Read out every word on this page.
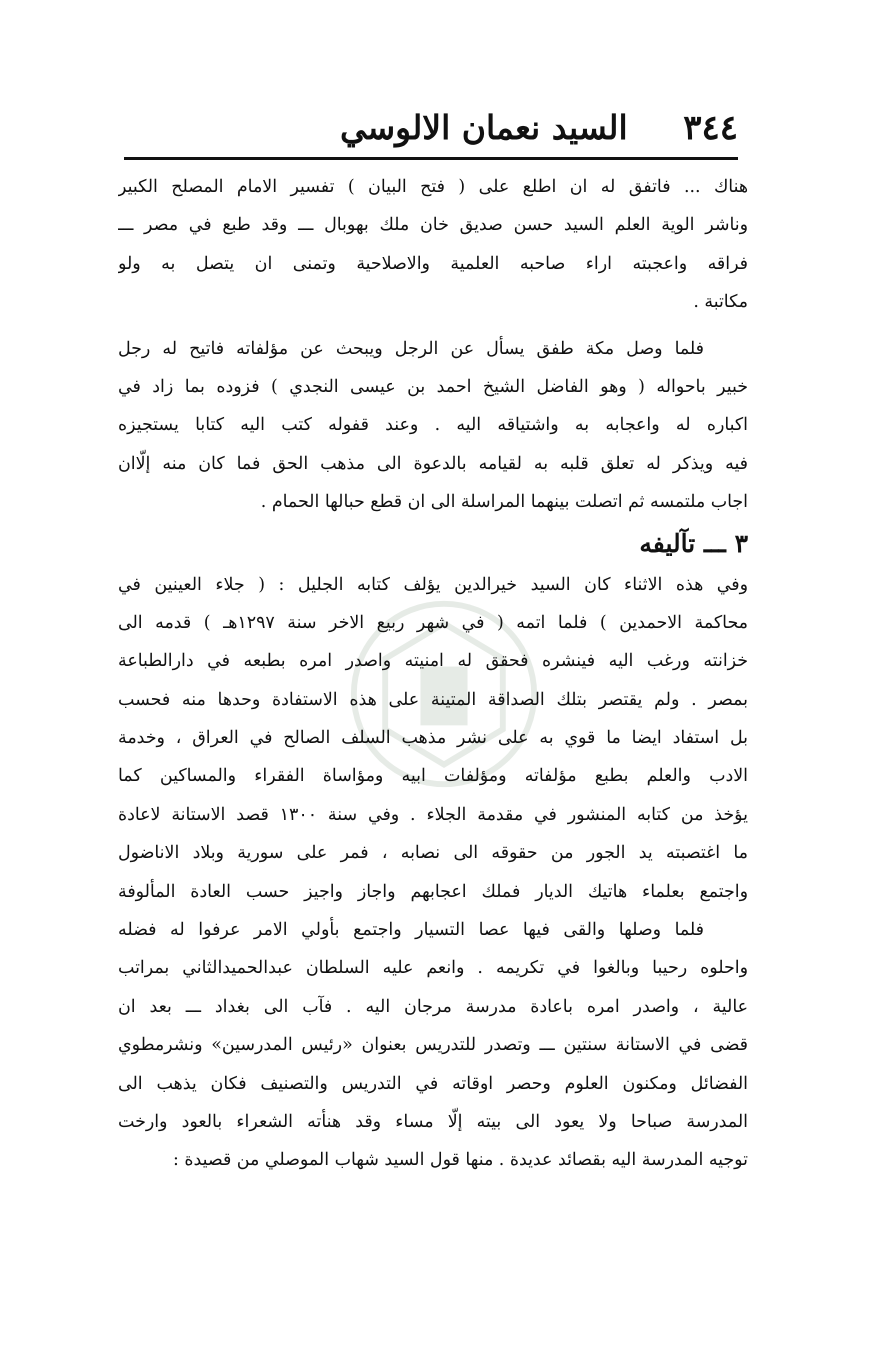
السيد نعمان الالوسي ٣٤٤
هناك ... فاتفق له ان اطلع على ( فتح البيان ) تفسير الامام المصلح الكبير
وناشر الوية العلم السيد حسن صديق خان ملك بهوبال ـــ وقد طبع في مصر ـــ
فراقه واعجبته اراء صاحبه العلمية والاصلاحية وتمنى ان يتصل به ولو
مكاتبة .
فلما وصل مكة طفق يسأل عن الرجل ويبحث عن مؤلفاته فاتيح له رجل
خبير باحواله ( وهو الفاضل الشيخ احمد بن عيسى النجدي ) فزوده بما زاد في
اكباره له واعجابه به واشتياقه اليه . وعند قفوله كتب اليه كتابا يستجيزه
فيه ويذكر له تعلق قلبه به لقيامه بالدعوة الى مذهب الحق فما كان منه إلّاان
اجاب ملتمسه ثم اتصلت بينهما المراسلة الى ان قطع حبالها الحمام .
٣ ـــ تآليفه
وفي هذه الاثناء كان السيد خيرالدين يؤلف كتابه الجليل : ( جلاء العينين في
محاكمة الاحمدين ) فلما اتمه ( في شهر ربيع الاخر سنة ١٢٩٧هـ ) قدمه الى
خزانته ورغب اليه فينشره فحقق له امنيته واصدر امره بطبعه في دارالطباعة
بمصر . ولم يقتصر بتلك الصداقة المتينة على هذه الاستفادة وحدها منه فحسب
بل استفاد ايضا ما قوي به على نشر مذهب السلف الصالح في العراق ، وخدمة
الادب والعلم بطبع مؤلفاته ومؤلفات ابيه ومؤاساة الفقراء والمساكين كما
يؤخذ من كتابه المنشور في مقدمة الجلاء . وفي سنة ١٣٠٠ قصد الاستانة لاعادة
ما اغتصبته يد الجور من حقوقه الى نصابه ، فمر على سورية وبلاد الاناضول
واجتمع بعلماء هاتيك الديار فملك اعجابهم واجاز واجيز حسب العادة المألوفة
فلما وصلها والقى فيها عصا التسيار واجتمع بأولي الامر عرفوا له فضله
واحلوه رحيبا وبالغوا في تكريمه . وانعم عليه السلطان عبدالحميدالثاني بمراتب
عالية ، واصدر امره باعادة مدرسة مرجان اليه . فآب الى بغداد ـــ بعد ان
قضى في الاستانة سنتين ـــ وتصدر للتدريس بعنوان «رئيس المدرسين» ونشرمطوي
الفضائل ومكنون العلوم وحصر اوقاته في التدريس والتصنيف فكان يذهب الى
المدرسة صباحا ولا يعود الى بيته إلّا مساء وقد هنأته الشعراء بالعود وارخت
توجيه المدرسة اليه بقصائد عديدة . منها قول السيد شهاب الموصلي من قصيدة :
